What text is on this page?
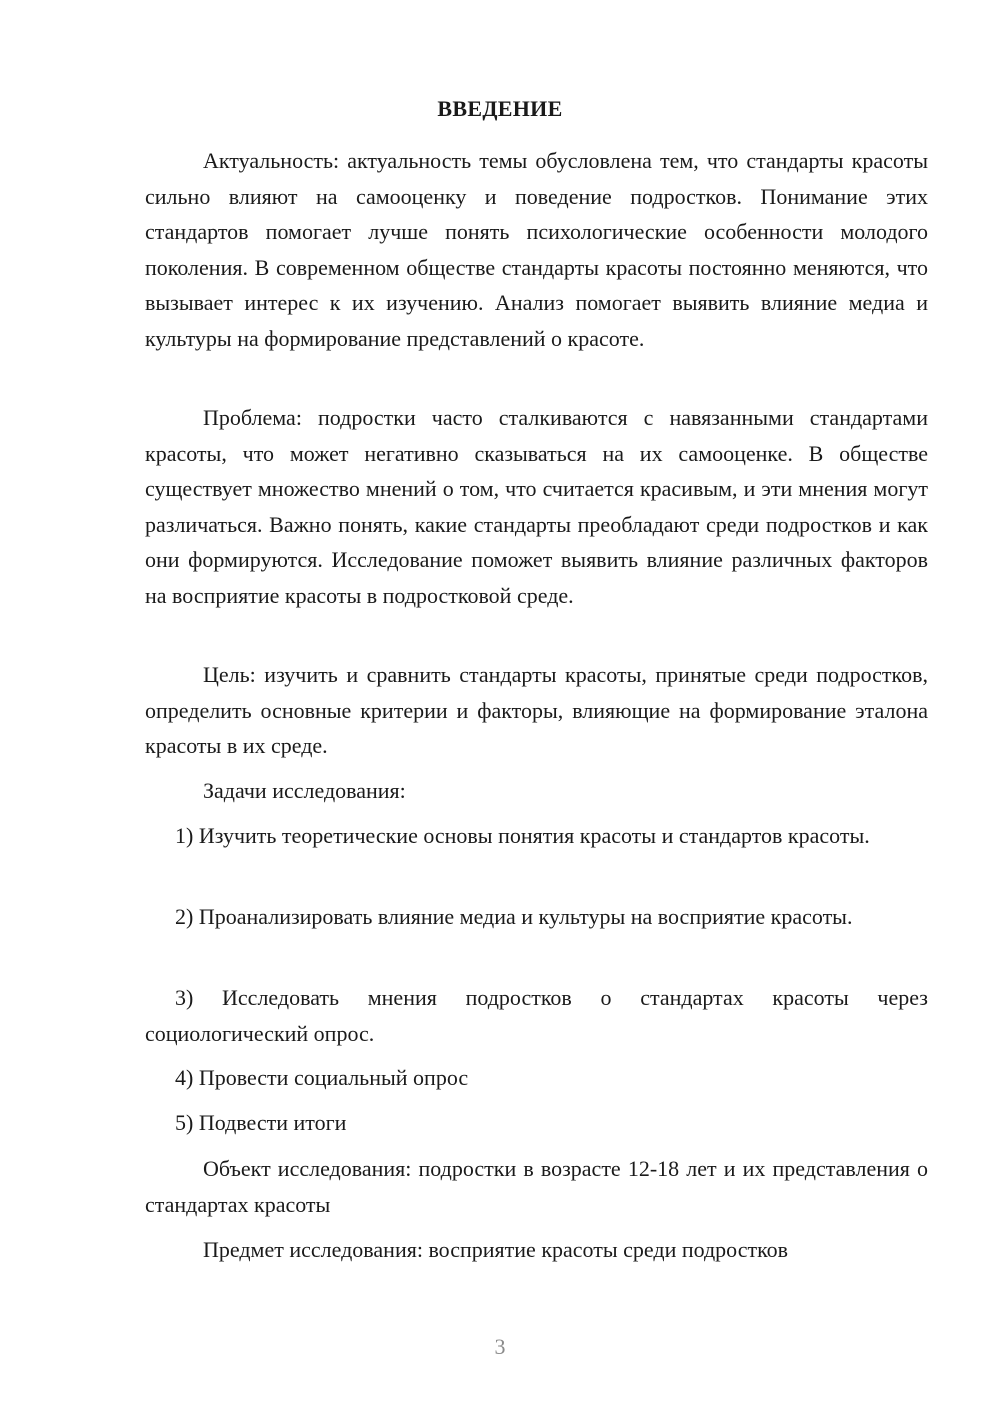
ВВЕДЕНИЕ

Актуальность: актуальность темы обусловлена тем, что стандарты красоты сильно влияют на самооценку и поведение подростков. Понимание этих стандартов помогает лучше понять психологические особенности молодого поколения. В современном обществе стандарты красоты постоянно меняются, что вызывает интерес к их изучению. Анализ помогает выявить влияние медиа и культуры на формирование представлений о красоте.

Проблема: подростки часто сталкиваются с навязанными стандартами красоты, что может негативно сказываться на их самооценке. В обществе существует множество мнений о том, что считается красивым, и эти мнения могут различаться. Важно понять, какие стандарты преобладают среди подростков и как они формируются. Исследование поможет выявить влияние различных факторов на восприятие красоты в подростковой среде.

Цель: изучить и сравнить стандарты красоты, принятые среди подростков, определить основные критерии и факторы, влияющие на формирование эталона красоты в их среде.

Задачи исследования:

1) Изучить теоретические основы понятия красоты и стандартов красоты.

2) Проанализировать влияние медиа и культуры на восприятие красоты.

3) Исследовать мнения подростков о стандартах красоты через социологический опрос.

4) Провести социальный опрос

5) Подвести итоги

Объект исследования: подростки в возрасте 12-18 лет и их представления о стандартах красоты

Предмет исследования: восприятие красоты среди подростков

3
